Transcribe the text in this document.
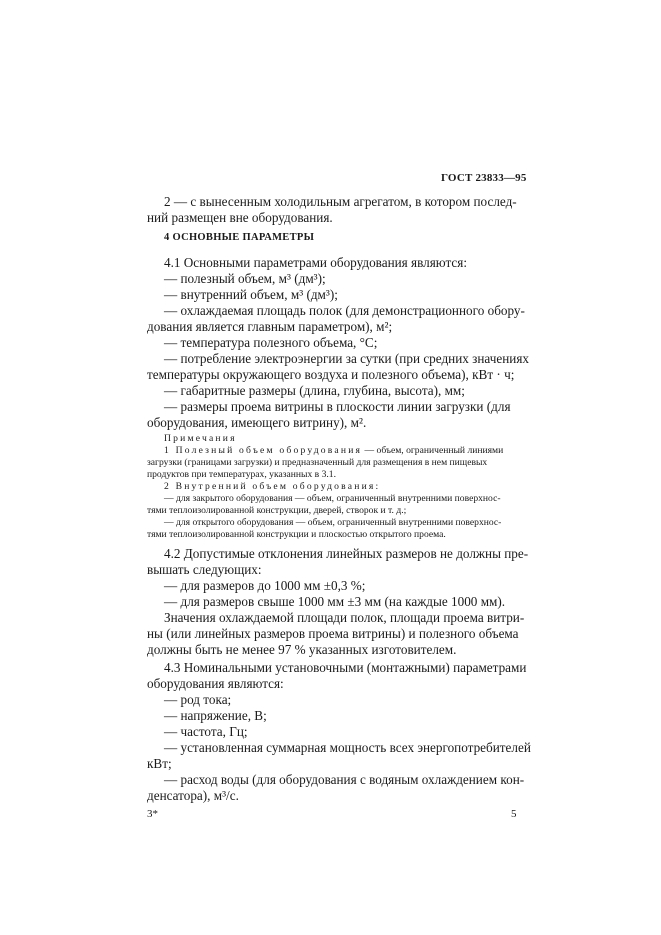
ГОСТ 23833—95
2 — с вынесенным холодильным агрегатом, в котором послед-
ний размещен вне оборудования.
4 ОСНОВНЫЕ ПАРАМЕТРЫ
4.1 Основными параметрами оборудования являются:
— полезный объем, м³ (дм³);
— внутренний объем, м³ (дм³);
— охлаждаемая площадь полок (для демонстрационного обору-
дования является главным параметром), м²;
— температура полезного объема, °С;
— потребление электроэнергии за сутки (при средних значениях
температуры окружающего воздуха и полезного объема), кВт · ч;
— габаритные размеры (длина, глубина, высота), мм;
— размеры проема витрины в плоскости линии загрузки (для
оборудования, имеющего витрину), м².
Примечания
1 Полезный объем оборудования — объем, ограниченный линиями
загрузки (границами загрузки) и предназначенный для размещения в нем пищевых
продуктов при температурах, указанных в 3.1.
2 Внутренний объем оборудования:
— для закрытого оборудования — объем, ограниченный внутренними поверхнос-
тями теплоизолированной конструкции, дверей, створок и т. д.;
— для открытого оборудования — объем, ограниченный внутренними поверхнос-
тями теплоизолированной конструкции и плоскостью открытого проема.
4.2 Допустимые отклонения линейных размеров не должны пре-
вышать следующих:
— для размеров до 1000 мм ±0,3 %;
— для размеров свыше 1000 мм ±3 мм (на каждые 1000 мм).
Значения охлаждаемой площади полок, площади проема витри-
ны (или линейных размеров проема витрины) и полезного объема
должны быть не менее 97 % указанных изготовителем.
4.3 Номинальными установочными (монтажными) параметрами
оборудования являются:
— род тока;
— напряжение, В;
— частота, Гц;
— установленная суммарная мощность всех энергопотребителей
кВт;
— расход воды (для оборудования с водяным охлаждением кон-
денсатора), м³/с.
3*	5
